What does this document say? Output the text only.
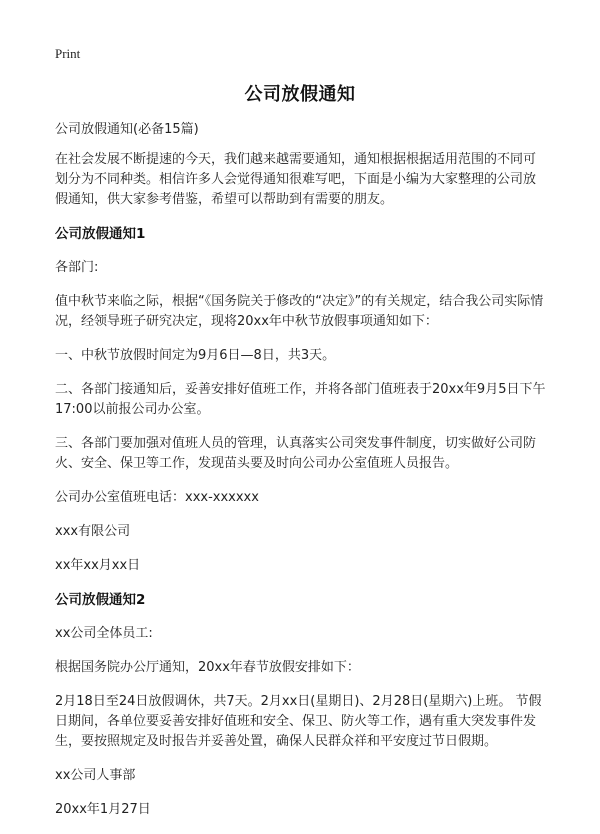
Print
公司放假通知

公司放假通知(必备15篇)

在社会发展不断提速的今天，我们越来越需要通知，通知根据根据适用范围的不同可划分为不同种类。相信许多人会觉得通知很难写吧，下面是小编为大家整理的公司放假通知，供大家参考借鉴，希望可以帮助到有需要的朋友。

公司放假通知1

各部门:

值中秋节来临之际，根据“《国务院关于修改的“决定》”的有关规定，结合我公司实际情况，经领导班子研究决定，现将20xx年中秋节放假事项通知如下：

一、中秋节放假时间定为9月6日—8日，共3天。

二、各部门接通知后，妥善安排好值班工作，并将各部门值班表于20xx年9月5日下午17:00以前报公司办公室。

三、各部门要加强对值班人员的管理，认真落实公司突发事件制度，切实做好公司防火、安全、保卫等工作，发现苗头要及时向公司办公室值班人员报告。

公司办公室值班电话：xxx-xxxxxx

xxx有限公司

xx年xx月xx日

公司放假通知2

xx公司全体员工:

根据国务院办公厅通知，20xx年春节放假安排如下：

2月18日至24日放假调休，共7天。2月xx日(星期日)、2月28日(星期六)上班。 节假日期间，各单位要妥善安排好值班和安全、保卫、防火等工作，遇有重大突发事件发生，要按照规定及时报告并妥善处置，确保人民群众祥和平安度过节日假期。

xx公司人事部

20xx年1月27日
